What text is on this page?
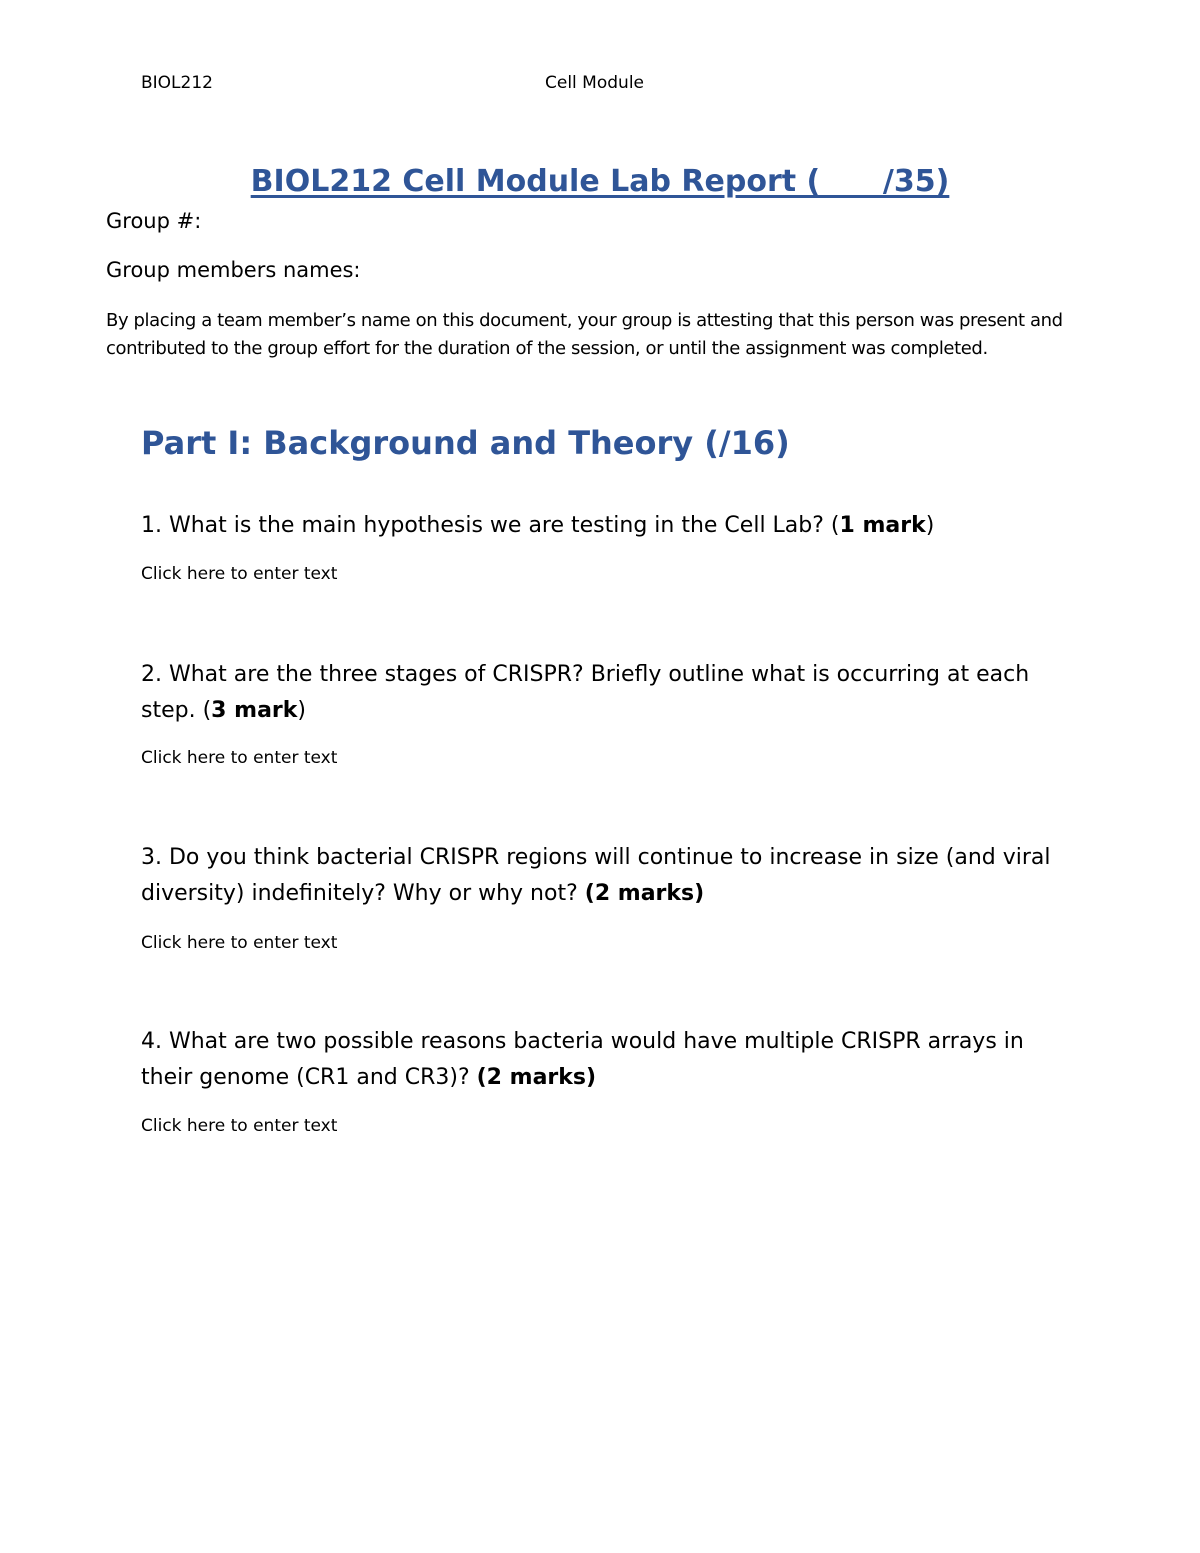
BIOL212	Cell Module
BIOL212 Cell Module Lab Report (      /35)
Group #:
Group members names:
By placing a team member’s name on this document, your group is attesting that this person was present and contributed to the group effort for the duration of the session, or until the assignment was completed.
Part I: Background and Theory (/16)
1. What is the main hypothesis we are testing in the Cell Lab? (1 mark)
Click here to enter text
2. What are the three stages of CRISPR? Briefly outline what is occurring at each step. (3 mark)
Click here to enter text
3. Do you think bacterial CRISPR regions will continue to increase in size (and viral diversity) indefinitely? Why or why not? (2 marks)
Click here to enter text
4. What are two possible reasons bacteria would have multiple CRISPR arrays in their genome (CR1 and CR3)? (2 marks)
Click here to enter text
